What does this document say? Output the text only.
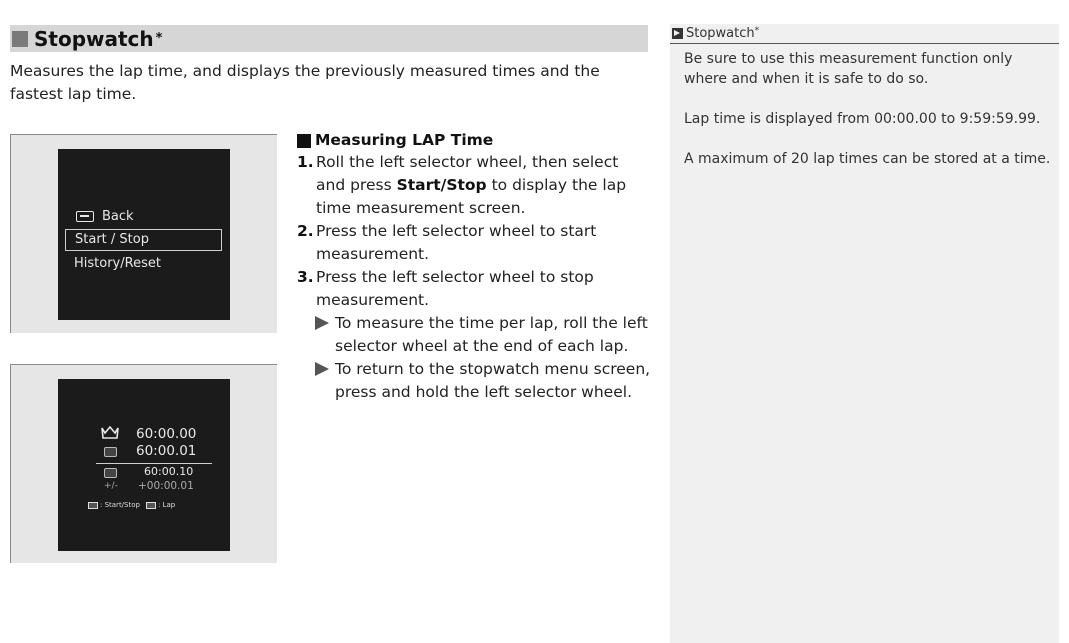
Stopwatch *

Measures the lap time, and displays the previously measured times and the fastest lap time.

Back
Start / Stop
History/Reset
60:00.00
60:00.01
60:00.10
+/- +00:00.01
: Start/Stop	: Lap
Measuring LAP Time
1. Roll the left selector wheel, then select and press Start/Stop to display the lap time measurement screen.
2. Press the left selector wheel to start measurement.
3. Press the left selector wheel to stop measurement.
To measure the time per lap, roll the left selector wheel at the end of each lap.
To return to the stopwatch menu screen, press and hold the left selector wheel.
Stopwatch*

Be sure to use this measurement function only where and when it is safe to do so.

Lap time is displayed from 00:00.00 to 9:59:59.99.

A maximum of 20 lap times can be stored at a time.
